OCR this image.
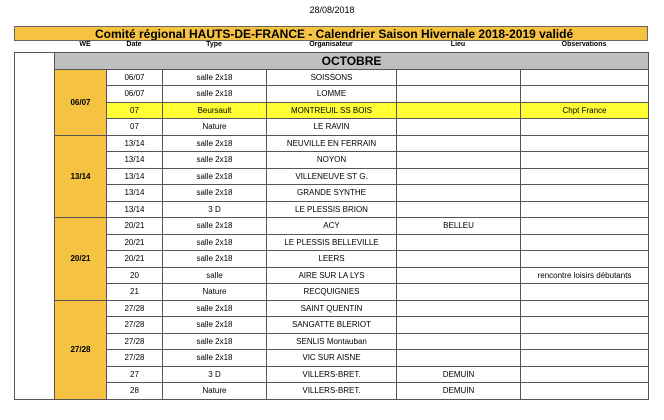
28/08/2018
Comité régional HAUTS-DE-FRANCE - Calendrier Saison Hivernale 2018-2019 validé
WE	Date	Type	Organisateur	Lieu	Observations
	OCTOBRE					
	06/07	06/07	salle 2x18	SOISSONS		
		06/07	salle 2x18	LOMME		
		07	Beursault	MONTREUIL SS BOIS		Chpt France
		07	Nature	LE RAVIN		
	13/14	13/14	salle 2x18	NEUVILLE EN FERRAIN		
		13/14	salle 2x18	NOYON		
		13/14	salle 2x18	VILLENEUVE ST G.		
		13/14	salle 2x18	GRANDE SYNTHE		
		13/14	3 D	LE PLESSIS BRION		
	20/21	20/21	salle 2x18	ACY	BELLEU	
		20/21	salle 2x18	LE PLESSIS BELLEVILLE		
		20/21	salle 2x18	LEERS		
		20	salle	AIRE SUR LA LYS		rencontre loisirs débutants
		21	Nature	RECQUIGNIES		
	27/28	27/28	salle 2x18	SAINT QUENTIN		
		27/28	salle 2x18	SANGATTE BLERIOT		
		27/28	salle 2x18	SENLIS Montauban		
		27/28	salle 2x18	VIC SUR AISNE		
		27	3 D	VILLERS-BRET.	DEMUIN	
		28	Nature	VILLERS-BRET.	DEMUIN	
